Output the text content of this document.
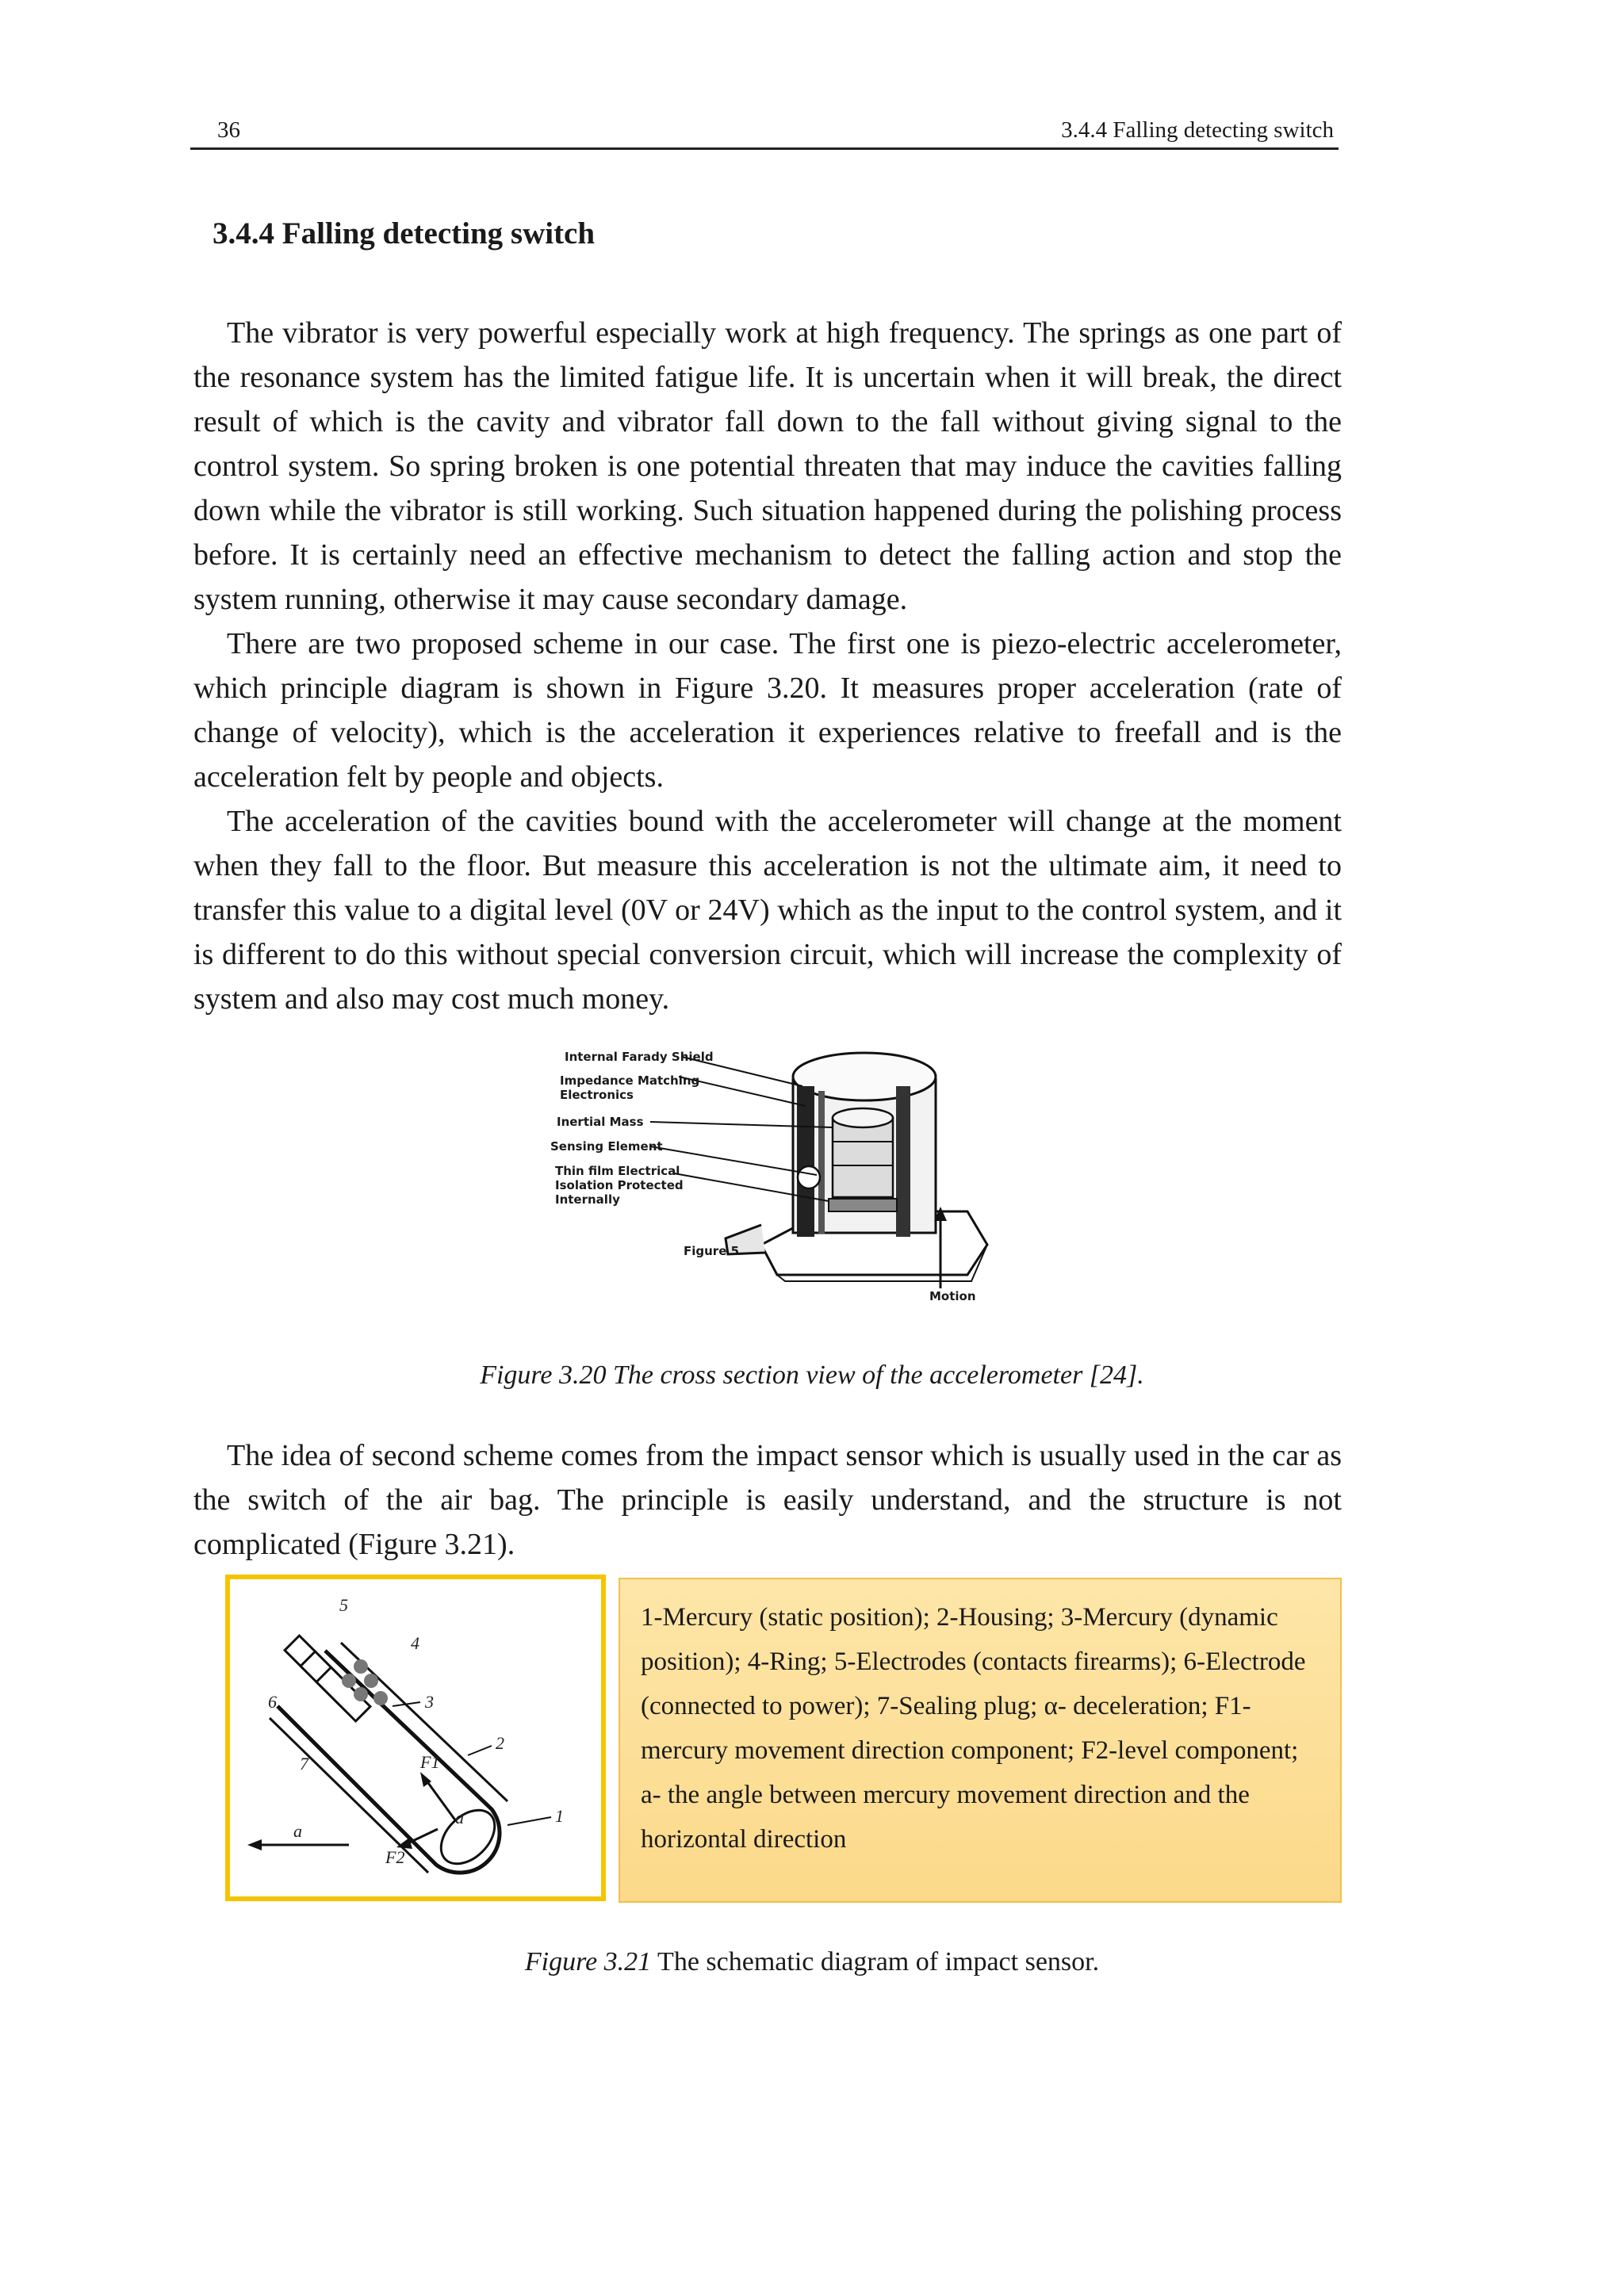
36	3.4.4 Falling detecting switch
3.4.4 Falling detecting switch

The vibrator is very powerful especially work at high frequency. The springs as one part of the resonance system has the limited fatigue life. It is uncertain when it will break, the direct result of which is the cavity and vibrator fall down to the fall without giving signal to the control system. So spring broken is one potential threaten that may induce the cavities falling down while the vibrator is still working. Such situation happened during the polishing process before. It is certainly need an effective mechanism to detect the falling action and stop the system running, otherwise it may cause secondary damage.

There are two proposed scheme in our case. The first one is piezo-electric accelerometer, which principle diagram is shown in Figure 3.20. It measures proper acceleration (rate of change of velocity), which is the acceleration it experiences relative to freefall and is the acceleration felt by people and objects.

The acceleration of the cavities bound with the accelerometer will change at the moment when they fall to the floor. But measure this acceleration is not the ultimate aim, it need to transfer this value to a digital level (0V or 24V) which as the input to the control system, and it is different to do this without special conversion circuit, which will increase the complexity of system and also may cost much money.

Internal Farady Shield
Impedance Matching
Electronics
Inertial Mass
Sensing Element
Thin film Electrical
Isolation Protected
Internally
Figure 5
Motion
Figure 3.20 The cross section view of the accelerometer [24].

The idea of second scheme comes from the impact sensor which is usually used in the car as the switch of the air bag. The principle is easily understand, and the structure is not complicated (Figure 3.21).

5
4
3
6
7
2
1
a
a
F1
F2

1-Mercury (static position); 2-Housing; 3-Mercury (dynamic position); 4-Ring; 5-Electrodes (contacts firearms); 6-Electrode (connected to power); 7-Sealing plug; α- deceleration; F1-mercury movement direction component; F2-level component; a- the angle between mercury movement direction and the horizontal direction

Figure 3.21 The schematic diagram of impact sensor.
